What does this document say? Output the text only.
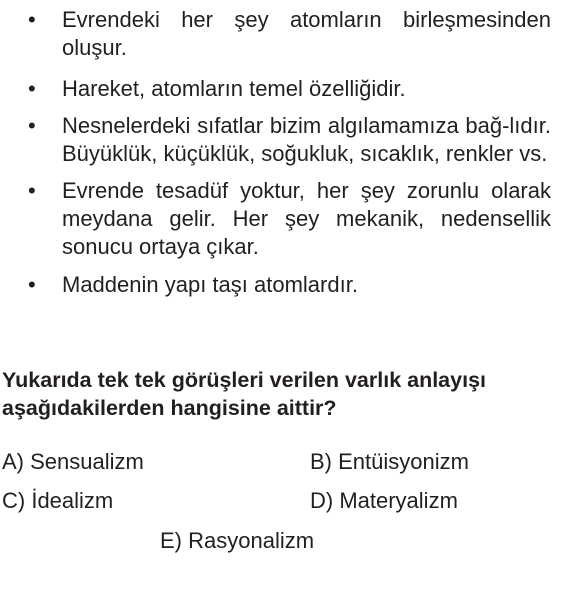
• Evrendeki her şey atomların birleşmesinden oluşur.
• Hareket, atomların temel özelliğidir.
• Nesnelerdeki sıfatlar bizim algılamamıza bağ-lıdır. Büyüklük, küçüklük, soğukluk, sıcaklık, renkler vs.
• Evrende tesadüf yoktur, her şey zorunlu olarak meydana gelir. Her şey mekanik, nedensellik sonucu ortaya çıkar.
• Maddenin yapı taşı atomlardır.
Yukarıda tek tek görüşleri verilen varlık anlayışı aşağıdakilerden hangisine aittir?
A) Sensualizm	B) Entüisyonizm
C) İdealizm	D) Materyalizm
E) Rasyonalizm
